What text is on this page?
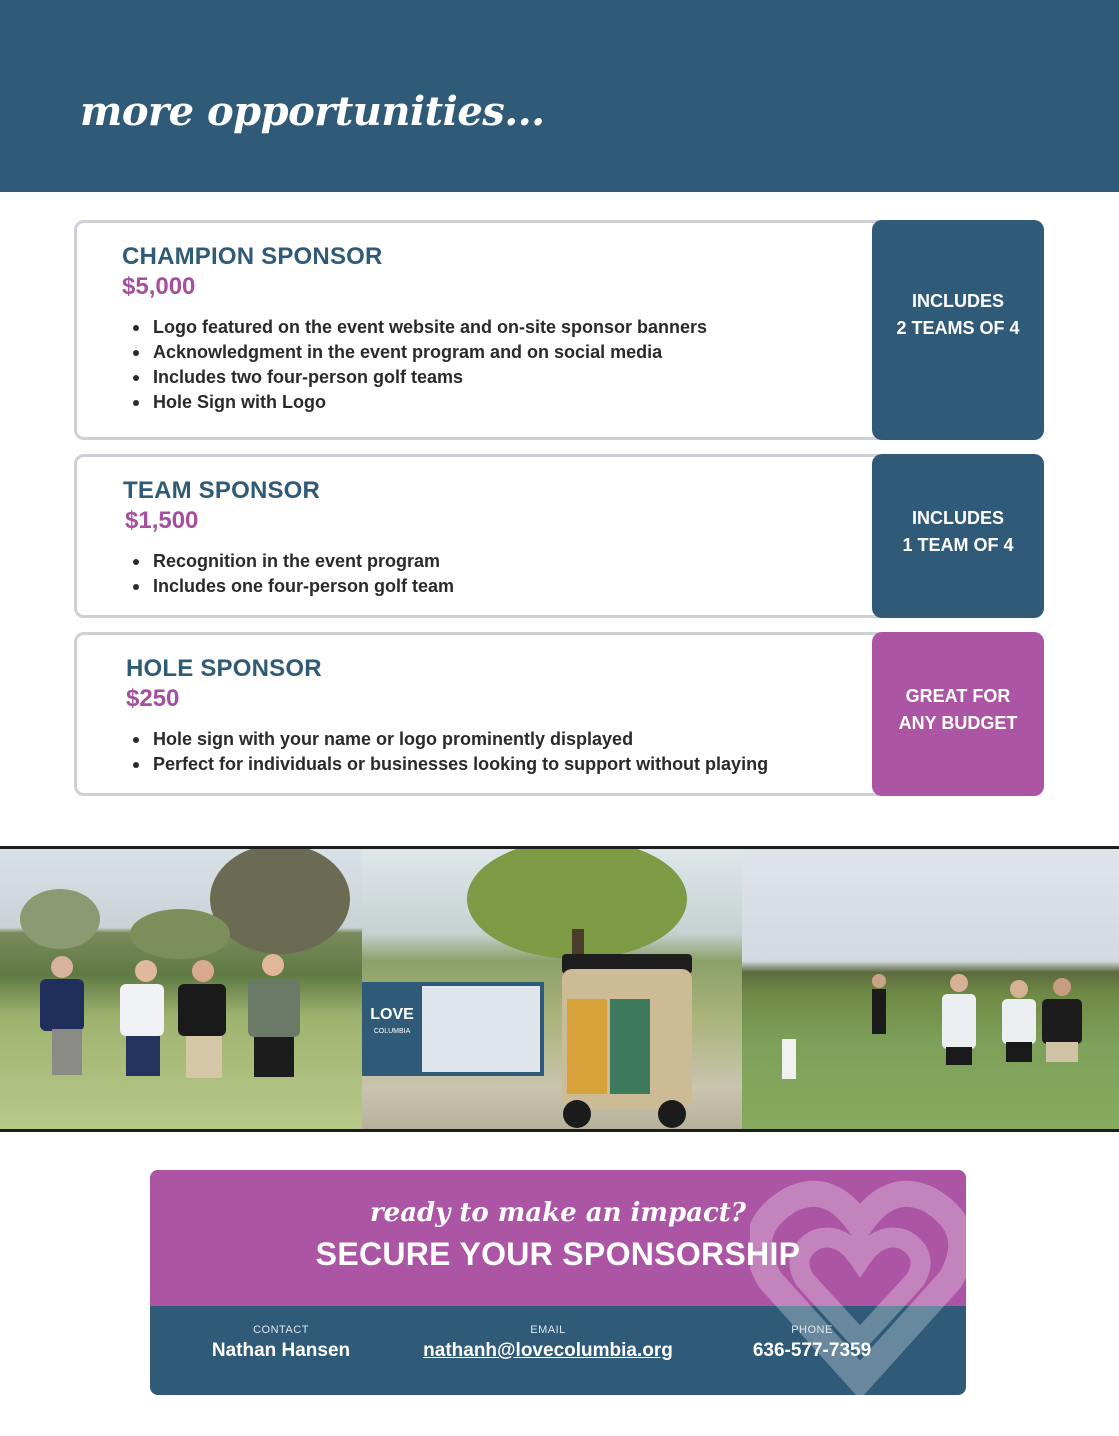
more opportunities...
CHAMPION SPONSOR
$5,000
Logo featured on the event website and on-site sponsor banners
Acknowledgment in the event program and on social media
Includes two four-person golf teams
Hole Sign with Logo
INCLUDES
2 TEAMS OF 4
TEAM SPONSOR
$1,500
Recognition in the event program
Includes one four-person golf team
INCLUDES
1 TEAM OF 4
HOLE SPONSOR
$250
Hole sign with your name or logo prominently displayed
Perfect for individuals or businesses looking to support without playing
GREAT FOR
ANY BUDGET
LOVE
COLUMBIA
ready to make an impact?
SECURE YOUR SPONSORSHIP
CONTACT
Nathan Hansen
EMAIL
nathanh@lovecolumbia.org
PHONE
636-577-7359
